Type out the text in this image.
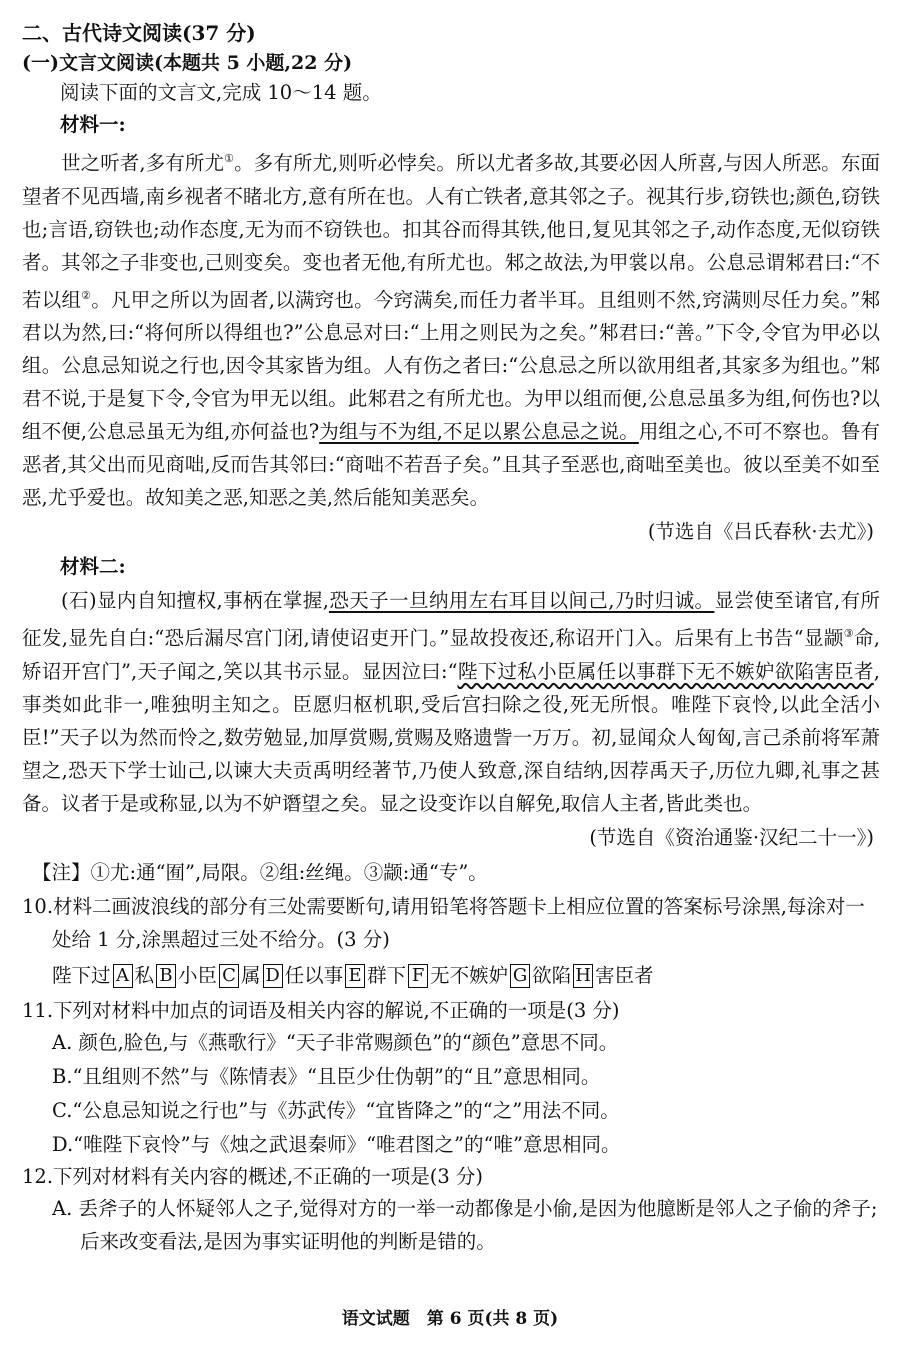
二、古代诗文阅读(37 分)
(一)文言文阅读(本题共 5 小题,22 分)
阅读下面的文言文,完成 10～14 题。
材料一:

世之听者,多有所尤①。多有所尤,则听必悖矣。所以尤者多故,其要必因人所喜,与因人所恶。东面望者不见西墙,南乡视者不睹北方,意有所在也。人有亡铁者,意其邻之子。视其行步,窃铁也;颜色,窃铁也;言语,窃铁也;动作态度,无为而不窃铁也。扣其谷而得其铁,他日,复见其邻之子,动作态度,无似窃铁者。其邻之子非变也,己则变矣。变也者无他,有所尤也。邾之故法,为甲裳以帛。公息忌谓邾君曰:“不若以组②。凡甲之所以为固者,以满窍也。今窍满矣,而任力者半耳。且组则不然,窍满则尽任力矣。”邾君以为然,曰:“将何所以得组也?”公息忌对曰:“上用之则民为之矣。”邾君曰:“善。”下令,令官为甲必以组。公息忌知说之行也,因令其家皆为组。人有伤之者曰:“公息忌之所以欲用组者,其家多为组也。”邾君不说,于是复下令,令官为甲无以组。此邾君之有所尤也。为甲以组而便,公息忌虽多为组,何伤也?以组不便,公息忌虽无为组,亦何益也?为组与不为组,不足以累公息忌之说。用组之心,不可不察也。鲁有恶者,其父出而见商咄,反而告其邻曰:“商咄不若吾子矣。”且其子至恶也,商咄至美也。彼以至美不如至恶,尤乎爱也。故知美之恶,知恶之美,然后能知美恶矣。

(节选自《吕氏春秋·去尤》)
材料二:

(石)显内自知擅权,事柄在掌握,恐天子一旦纳用左右耳目以间己,乃时归诚。显尝使至诸官,有所征发,显先自白:“恐后漏尽宫门闭,请使诏吏开门。”显故投夜还,称诏开门入。后果有上书告“显颛③命,矫诏开宫门”,天子闻之,笑以其书示显。显因泣曰:“陛下过私小臣属任以事群下无不嫉妒欲陷害臣者,事类如此非一,唯独明主知之。臣愿归枢机职,受后宫扫除之役,死无所恨。唯陛下哀怜,以此全活小臣!”天子以为然而怜之,数劳勉显,加厚赏赐,赏赐及赂遗訾一万万。初,显闻众人匈匈,言己杀前将军萧望之,恐天下学士讪己,以谏大夫贡禹明经著节,乃使人致意,深自结纳,因荐禹天子,历位九卿,礼事之甚备。议者于是或称显,以为不妒谮望之矣。显之设变诈以自解免,取信人主者,皆此类也。

(节选自《资治通鉴·汉纪二十一》)
【注】①尤:通“囿”,局限。②组:丝绳。③颛:通“专”。
10.材料二画波浪线的部分有三处需要断句,请用铅笔将答题卡上相应位置的答案标号涂黑,每涂对一处给 1 分,涂黑超过三处不给分。(3 分)
陛下过 A 私 B 小臣 C 属 D 任以事 E 群下 F 无不嫉妒 G 欲陷 H 害臣者
11.下列对材料中加点的词语及相关内容的解说,不正确的一项是(3 分)
A. 颜色,脸色,与《燕歌行》“天子非常赐颜色”的“颜色”意思不同。
B.“且组则不然”与《陈情表》“且臣少仕伪朝”的“且”意思相同。
C.“公息忌知说之行也”与《苏武传》“宜皆降之”的“之”用法不同。
D.“唯陛下哀怜”与《烛之武退秦师》“唯君图之”的“唯”意思相同。
12.下列对材料有关内容的概述,不正确的一项是(3 分)
A. 丢斧子的人怀疑邻人之子,觉得对方的一举一动都像是小偷,是因为他臆断是邻人之子偷的斧子;后来改变看法,是因为事实证明他的判断是错的。
语文试题　第 6 页(共 8 页)
